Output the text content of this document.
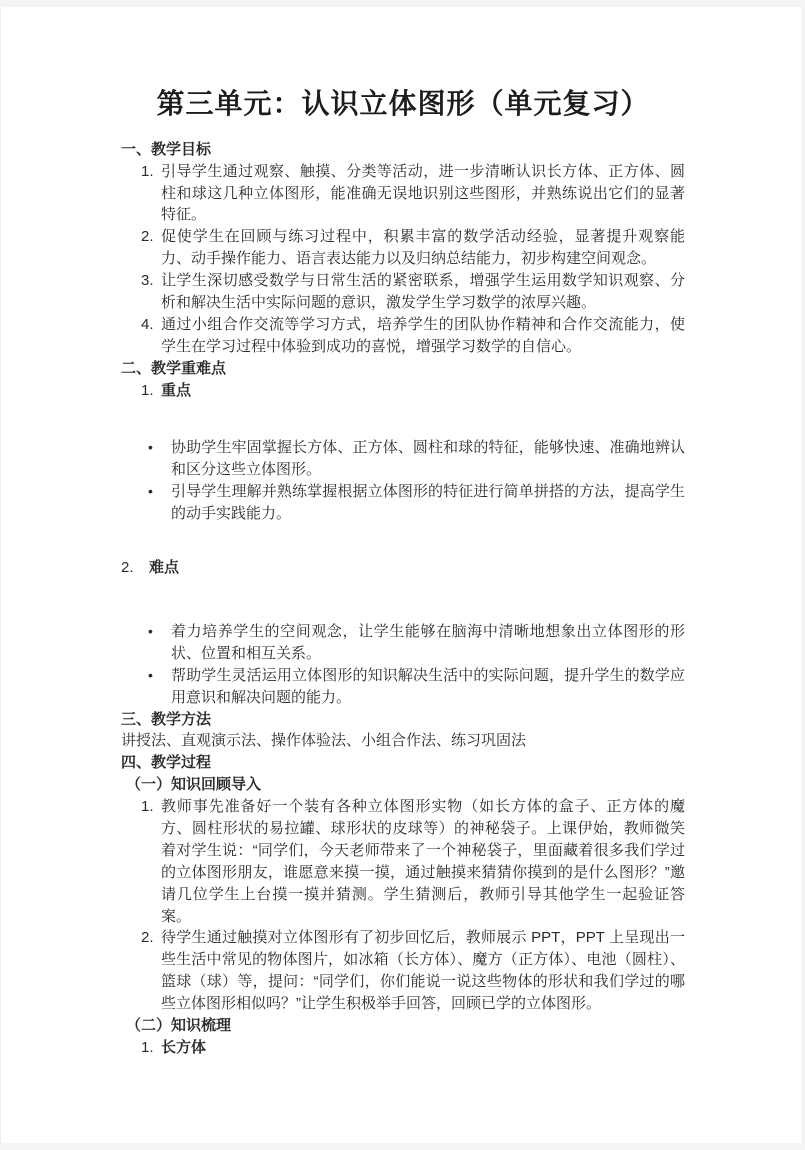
第三单元：认识立体图形（单元复习）

一、教学目标

1. 引导学生通过观察、触摸、分类等活动，进一步清晰认识长方体、正方体、圆柱和球这几种立体图形，能准确无误地识别这些图形，并熟练说出它们的显著特征。
2. 促使学生在回顾与练习过程中，积累丰富的数学活动经验，显著提升观察能力、动手操作能力、语言表达能力以及归纳总结能力，初步构建空间观念。
3. 让学生深切感受数学与日常生活的紧密联系，增强学生运用数学知识观察、分析和解决生活中实际问题的意识，激发学生学习数学的浓厚兴趣。
4. 通过小组合作交流等学习方式，培养学生的团队协作精神和合作交流能力，使学生在学习过程中体验到成功的喜悦，增强学习数学的自信心。

二、教学重难点

1. 重点
•	协助学生牢固掌握长方体、正方体、圆柱和球的特征，能够快速、准确地辨认和区分这些立体图形。
•	引导学生理解并熟练掌握根据立体图形的特征进行简单拼搭的方法，提高学生的动手实践能力。
2.	难点
•	着力培养学生的空间观念，让学生能够在脑海中清晰地想象出立体图形的形状、位置和相互关系。
•	帮助学生灵活运用立体图形的知识解决生活中的实际问题，提升学生的数学应用意识和解决问题的能力。

三、教学方法

讲授法、直观演示法、操作体验法、小组合作法、练习巩固法

四、教学过程

（一）知识回顾导入

1. 教师事先准备好一个装有各种立体图形实物（如长方体的盒子、正方体的魔方、圆柱形状的易拉罐、球形状的皮球等）的神秘袋子。上课伊始，教师微笑着对学生说：“同学们，今天老师带来了一个神秘袋子，里面藏着很多我们学过的立体图形朋友，谁愿意来摸一摸，通过触摸来猜猜你摸到的是什么图形？”邀请几位学生上台摸一摸并猜测。学生猜测后，教师引导其他学生一起验证答案。
2. 待学生通过触摸对立体图形有了初步回忆后，教师展示 PPT，PPT 上呈现出一些生活中常见的物体图片，如冰箱（长方体）、魔方（正方体）、电池（圆柱）、篮球（球）等，提问：“同学们，你们能说一说这些物体的形状和我们学过的哪些立体图形相似吗？”让学生积极举手回答，回顾已学的立体图形。

（二）知识梳理

1. 长方体
